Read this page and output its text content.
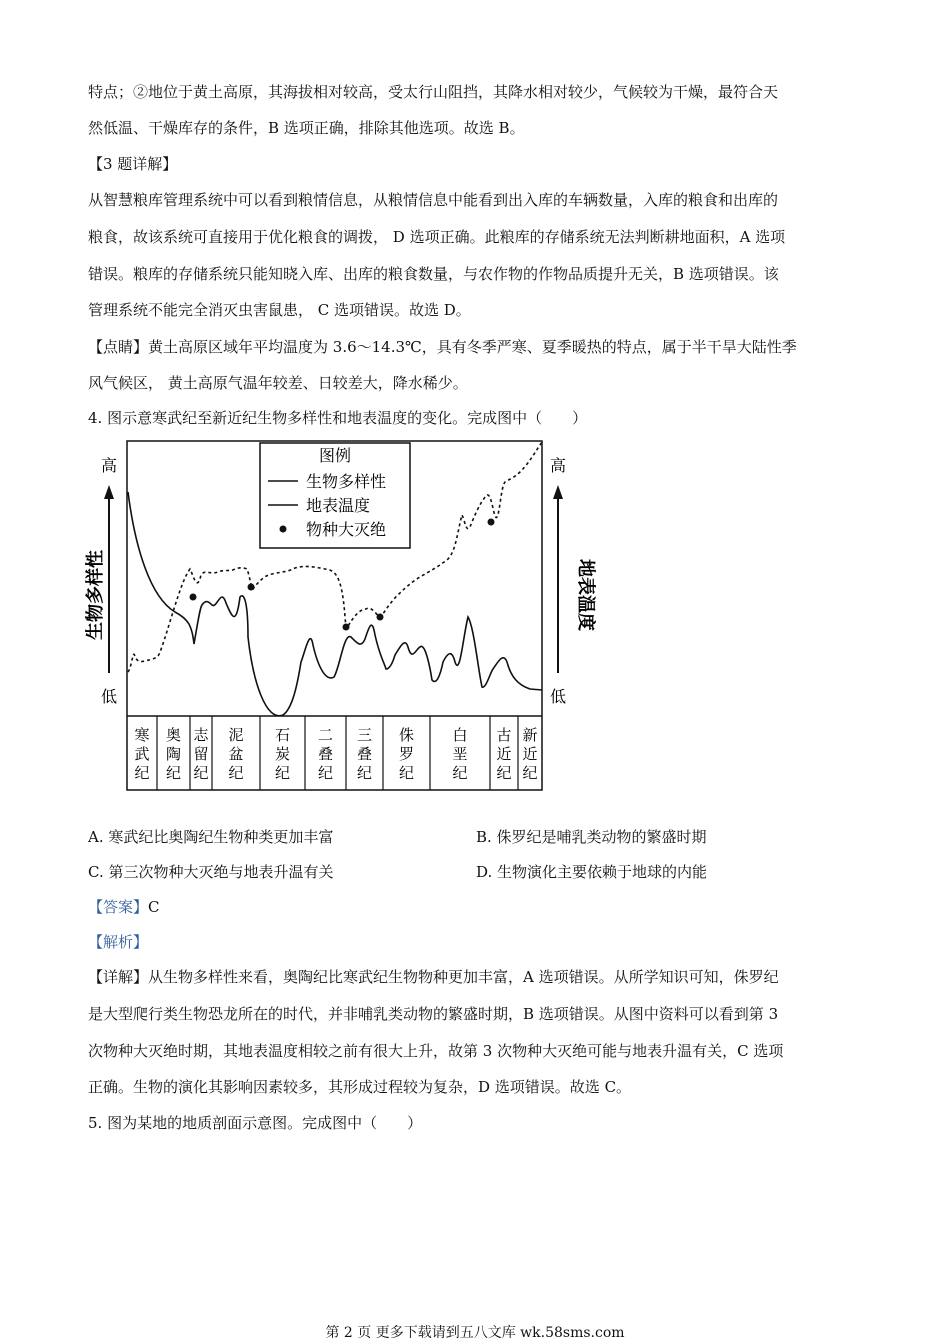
特点；②地位于黄土高原，其海拔相对较高，受太行山阻挡，其降水相对较少，气候较为干燥，最符合天
然低温、干燥库存的条件，B 选项正确，排除其他选项。故选 B。
【3 题详解】
从智慧粮库管理系统中可以看到粮情信息，从粮情信息中能看到出入库的车辆数量，入库的粮食和出库的
粮食，故该系统可直接用于优化粮食的调拨， D 选项正确。此粮库的存储系统无法判断耕地面积，A 选项
错误。粮库的存储系统只能知晓入库、出库的粮食数量，与农作物的作物品质提升无关，B 选项错误。该
管理系统不能完全消灭虫害鼠患， C 选项错误。故选 D。
【点睛】黄土高原区域年平均温度为 3.6～14.3℃，具有冬季严寒、夏季暖热的特点，属于半干旱大陆性季
风气候区， 黄土高原气温年较差、日较差大，降水稀少。
4. 图示意寒武纪至新近纪生物多样性和地表温度的变化。完成图中（　　）
高
低
生物多样性
高
低
地表温度
图例
生物多样性
地表温度
物种大灭绝
寒武纪
奥陶纪
志留纪
泥盆纪
石炭纪
二叠纪
三叠纪
侏罗纪
白垩纪
古近纪
新近纪
A. 寒武纪比奥陶纪生物种类更加丰富	B. 侏罗纪是哺乳类动物的繁盛时期
C. 第三次物种大灭绝与地表升温有关	D. 生物演化主要依赖于地球的内能
【答案】C
【解析】
【详解】从生物多样性来看，奥陶纪比寒武纪生物物种更加丰富，A 选项错误。从所学知识可知，侏罗纪
是大型爬行类生物恐龙所在的时代，并非哺乳类动物的繁盛时期，B 选项错误。从图中资料可以看到第 3
次物种大灭绝时期，其地表温度相较之前有很大上升，故第 3 次物种大灭绝可能与地表升温有关，C 选项
正确。生物的演化其影响因素较多，其形成过程较为复杂，D 选项错误。故选 C。
5. 图为某地的地质剖面示意图。完成图中（　　）
第 2 页 更多下载请到五八文库 wk.58sms.com
